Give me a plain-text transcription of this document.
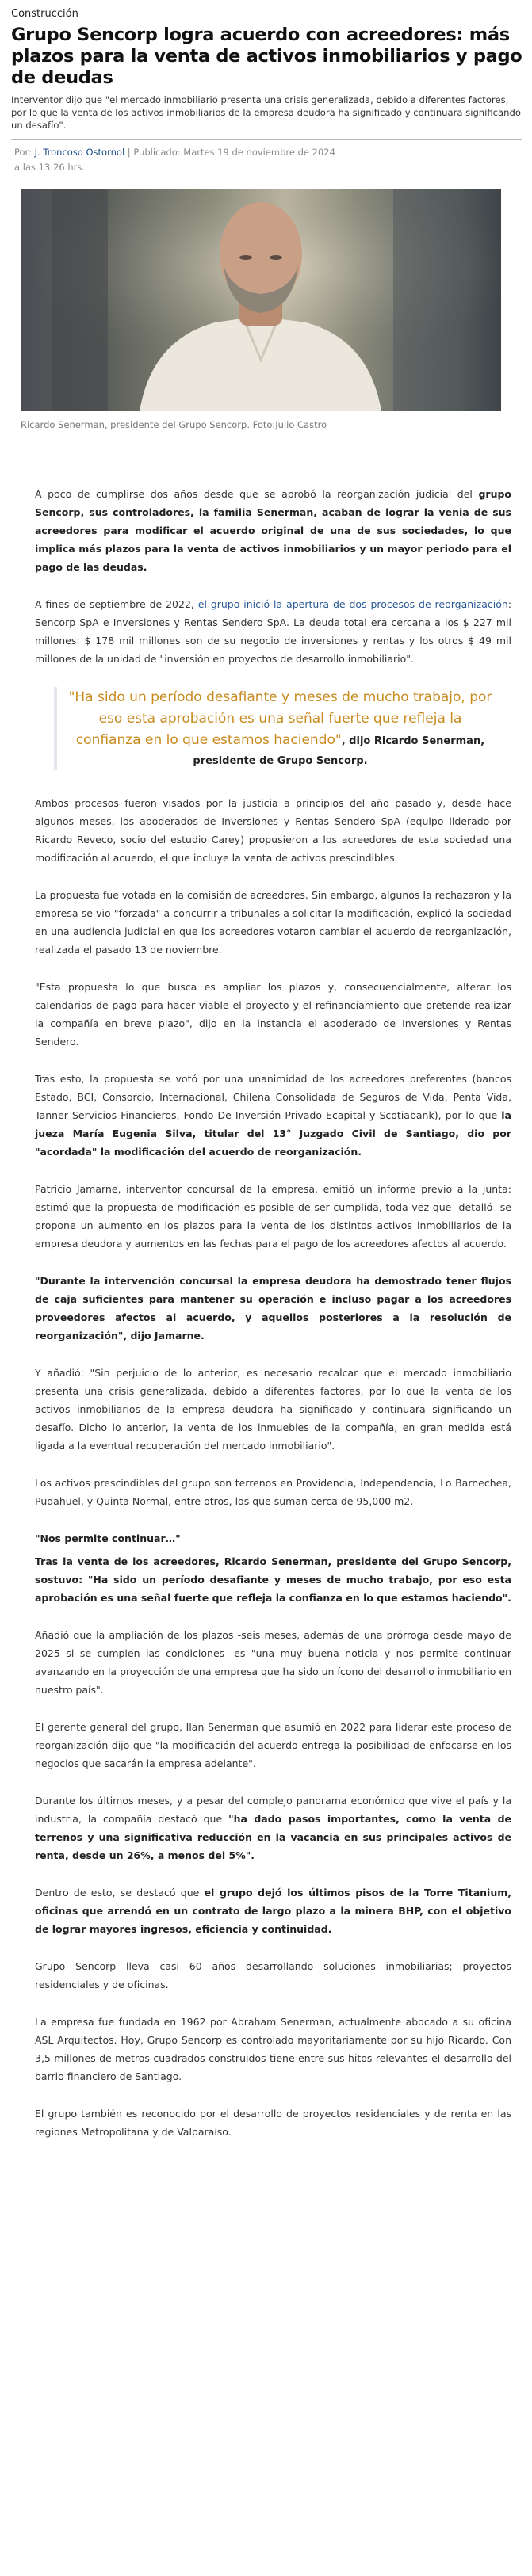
Construcción
Grupo Sencorp logra acuerdo con acreedores: más plazos para la venta de activos inmobiliarios y pago de deudas
Interventor dijo que "el mercado inmobiliario presenta una crisis generalizada, debido a diferentes factores, por lo que la venta de los activos inmobiliarios de la empresa deudora ha significado y continuara significando un desafío".
Por: J. Troncoso Ostornol | Publicado: Martes 19 de noviembre de 2024
a las 13:26 hrs.
Ricardo Senerman, presidente del Grupo Sencorp. Foto:Julio Castro

A poco de cumplirse dos años desde que se aprobó la reorganización judicial del grupo Sencorp, sus controladores, la familia Senerman, acaban de lograr la venia de sus acreedores para modificar el acuerdo original de una de sus sociedades, lo que implica más plazos para la venta de activos inmobiliarios y un mayor periodo para el pago de las deudas.

A fines de septiembre de 2022, el grupo inició la apertura de dos procesos de reorganización: Sencorp SpA e Inversiones y Rentas Sendero SpA. La deuda total era cercana a los $ 227 mil millones: $ 178 mil millones son de su negocio de inversiones y rentas y los otros $ 49 mil millones de la unidad de "inversión en proyectos de desarrollo inmobiliario".

"Ha sido un período desafiante y meses de mucho trabajo, por eso esta aprobación es una señal fuerte que refleja la confianza en lo que estamos haciendo", dijo Ricardo Senerman, presidente de Grupo Sencorp.

Ambos procesos fueron visados por la justicia a principios del año pasado y, desde hace algunos meses, los apoderados de Inversiones y Rentas Sendero SpA (equipo liderado por Ricardo Reveco, socio del estudio Carey) propusieron a los acreedores de esta sociedad una modificación al acuerdo, el que incluye la venta de activos prescindibles.

La propuesta fue votada en la comisión de acreedores. Sin embargo, algunos la rechazaron y la empresa se vio "forzada" a concurrir a tribunales a solicitar la modificación, explicó la sociedad en una audiencia judicial en que los acreedores votaron cambiar el acuerdo de reorganización, realizada el pasado 13 de noviembre.

"Esta propuesta lo que busca es ampliar los plazos y, consecuencialmente, alterar los calendarios de pago para hacer viable el proyecto y el refinanciamiento que pretende realizar la compañía en breve plazo", dijo en la instancia el apoderado de Inversiones y Rentas Sendero.

Tras esto, la propuesta se votó por una unanimidad de los acreedores preferentes (bancos Estado, BCI, Consorcio, Internacional, Chilena Consolidada de Seguros de Vida, Penta Vida, Tanner Servicios Financieros, Fondo De Inversión Privado Ecapital y Scotiabank), por lo que la jueza María Eugenia Silva, titular del 13° Juzgado Civil de Santiago, dio por "acordada" la modificación del acuerdo de reorganización.

Patricio Jamarne, interventor concursal de la empresa, emitió un informe previo a la junta: estimó que la propuesta de modificación es posible de ser cumplida, toda vez que -detalló- se propone un aumento en los plazos para la venta de los distintos activos inmobiliarios de la empresa deudora y aumentos en las fechas para el pago de los acreedores afectos al acuerdo.

"Durante la intervención concursal la empresa deudora ha demostrado tener flujos de caja suficientes para mantener su operación e incluso pagar a los acreedores proveedores afectos al acuerdo, y aquellos posteriores a la resolución de reorganización", dijo Jamarne.

Y añadió: "Sin perjuicio de lo anterior, es necesario recalcar que el mercado inmobiliario presenta una crisis generalizada, debido a diferentes factores, por lo que la venta de los activos inmobiliarios de la empresa deudora ha significado y continuara significando un desafío. Dicho lo anterior, la venta de los inmuebles de la compañía, en gran medida está ligada a la eventual recuperación del mercado inmobiliario".

Los activos prescindibles del grupo son terrenos en Providencia, Independencia, Lo Barnechea, Pudahuel, y Quinta Normal, entre otros, los que suman cerca de 95,000 m2.

"Nos permite continuar…"

Tras la venta de los acreedores, Ricardo Senerman, presidente del Grupo Sencorp, sostuvo: "Ha sido un período desafiante y meses de mucho trabajo, por eso esta aprobación es una señal fuerte que refleja la confianza en lo que estamos haciendo".

Añadió que la ampliación de los plazos -seis meses, además de una prórroga desde mayo de 2025 si se cumplen las condiciones- es "una muy buena noticia y nos permite continuar avanzando en la proyección de una empresa que ha sido un ícono del desarrollo inmobiliario en nuestro país".

El gerente general del grupo, Ilan Senerman que asumió en 2022 para liderar este proceso de reorganización dijo que "la modificación del acuerdo entrega la posibilidad de enfocarse en los negocios que sacarán la empresa adelante".

Durante los últimos meses, y a pesar del complejo panorama económico que vive el país y la industria, la compañía destacó que "ha dado pasos importantes, como la venta de terrenos y una significativa reducción en la vacancia en sus principales activos de renta, desde un 26%, a menos del 5%".

Dentro de esto, se destacó que el grupo dejó los últimos pisos de la Torre Titanium, oficinas que arrendó en un contrato de largo plazo a la minera BHP, con el objetivo de lograr mayores ingresos, eficiencia y continuidad.

Grupo Sencorp lleva casi 60 años desarrollando soluciones inmobiliarias; proyectos residenciales y de oficinas.

La empresa fue fundada en 1962 por Abraham Senerman, actualmente abocado a su oficina ASL Arquitectos. Hoy, Grupo Sencorp es controlado mayoritariamente por su hijo Ricardo. Con 3,5 millones de metros cuadrados construidos tiene entre sus hitos relevantes el desarrollo del barrio financiero de Santiago.

El grupo también es reconocido por el desarrollo de proyectos residenciales y de renta en las regiones Metropolitana y de Valparaíso.
